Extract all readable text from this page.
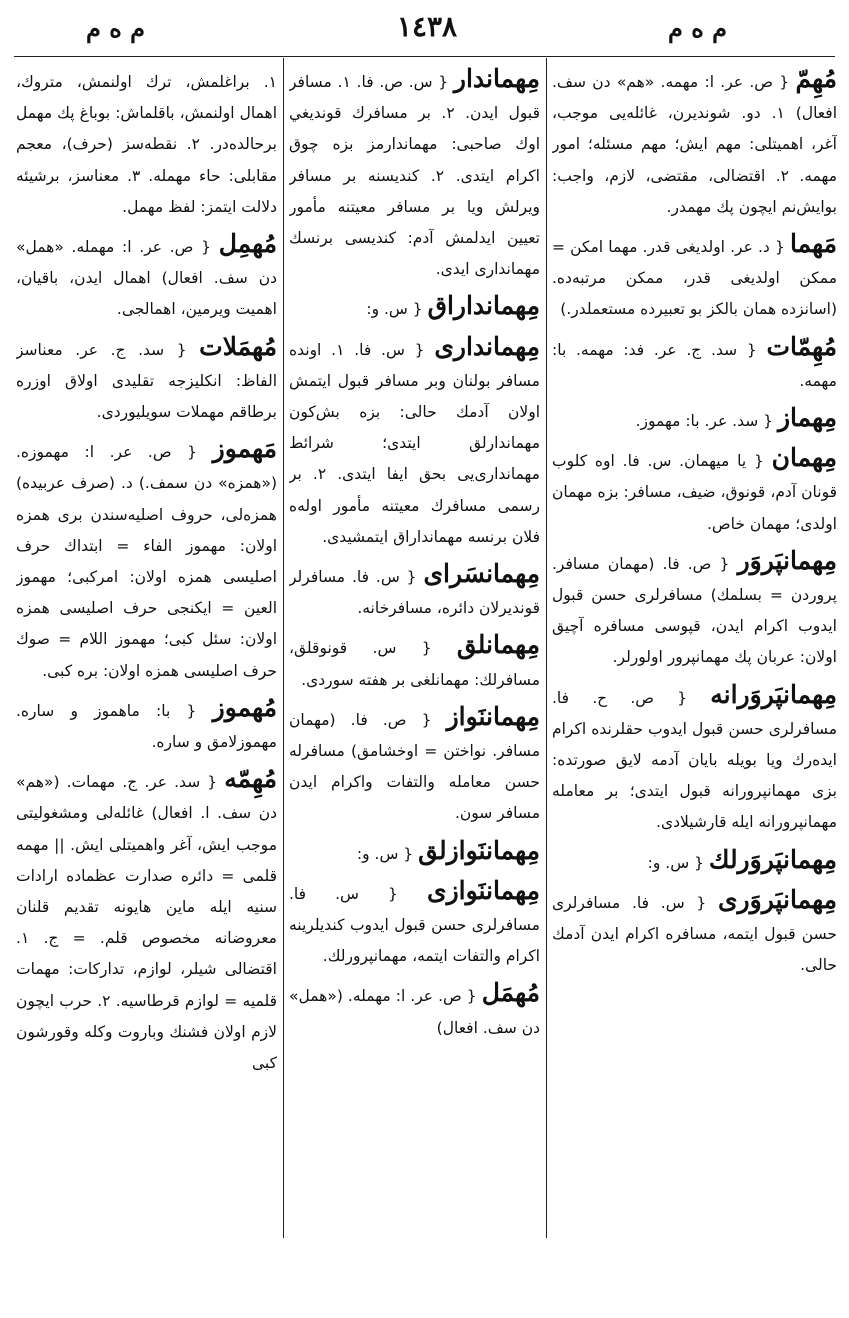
م ه م	١٤٣٨	م ه م
مُهِمّ { ص. عر. ا: مهمه. «هم» دن سف. افعال) ١. دو. شوندیرن، غائله‌یی موجب، آغر، اهمیتلی: مهم ایش؛ مهم مسئله؛ امور مهمه. ٢. اقتضالی، مقتضی، لازم، واجب: بوایش‌نم ایچون پك مهمدر.
مَهما { د. عر. اولدیغی قدر. مهما امکن = ممکن اولدیغی قدر، ممکن مرتبه‌ده. (اسانزده همان بالکز بو تعبیرده مستعملدر.)
مُهِمّات { سد. ج. عر. فد: مهمه. با: مهمه.
مِهماز { سد. عر. با: مهموز.
مِهمان { یا میهمان. س. فا. اوه کلوب قونان آدم، قونوق، ضیف، مسافر: بزه مهمان اولدی؛ مهمان خاص.
مِهمانپَروَر { ص. فا. (مهمان مسافر. پروردن = بسلمك) مسافرلری حسن قبول ایدوب اکرام ایدن، قپوسی مسافره آچیق اولان: عربان پك مهمانپرور اولورلر.
مِهمانپَروَرانه { ص. ح. فا. مسافرلری حسن قبول ایدوب حقلرنده اکرام ایده‌رك ویا بویله بایان آدمه لایق صورتده: بزی مهمانپرورانه قبول ایتدی؛ بر معامله مهمانپرورانه ایله قارشیلادی.
مِهمانپَروَرلك { س. و:
مِهمانپَروَری { س. فا. مسافرلری حسن قبول ایتمه، مسافره اکرام ایدن آدمك حالی.
مِهماندار { س. ص. فا. ١. مسافر قبول ایدن. ٢. بر مسافرك قونديغي اوك صاحبی: مهماندارمز بزه چوق اکرام ایتدی. ٢. کندیسنه بر مسافر ویرلش ویا بر مسافر معیتنه مأمور تعیین ایدلمش آدم: کندیسی برنسك مهمانداری ایدی.
مِهمانداراق { س. و:
مِهمانداری { س. فا. ١. اونده مسافر بولنان وبر مسافر قبول ایتمش اولان آدمك حالی: بزه بش‌کون مهماندارلق ایتدی؛ شرائط مهمانداری‌یی بحق ایفا ایتدی. ٢. بر رسمی مسافرك معیتنه مأمور اوله‌ه فلان برنسه مهمانداراق ایتمشیدی.
مِهمانسَرای { س. فا. مسافرلر قونديرلان دائره، مسافرخانه.
مِهمانلق { س. قونوقلق، مسافرلك: مهمانلغی بر هفته سوردی.
مِهماننَواز { ص. فا. (مهمان مسافر. نواختن = اوخشامق) مسافرله حسن معامله والتفات واکرام ایدن مسافر سون.
مِهماننَوازلق { س. و:
مِهماننَوازی { س. فا. مسافرلری حسن قبول ایدوب کندیلرینه اکرام والتفات ایتمه، مهمانپرورلك.
مُهمَل { ص. عر. ا: مهمله. («همل» دن سف. افعال)
١. براغلمش، ترك اولنمش، متروك، اهمال اولنمش، باقلماش: بوباغ پك مهمل برحالده‌در. ٢. نقطه‌سز (حرف)، معجم مقابلی: حاء مهمله. ٣. معناسز، برشیئه دلالت ایتمز: لفظ مهمل.
مُهمِل { ص. عر. ا: مهمله. «همل» دن سف. افعال) اهمال ایدن، باقیان، اهمیت ویرمین، اهمالجی.
مُهمَلات { سد. ج. عر. معناسز الفاظ: انکلیزجه تقلیدی اولاق اوزره برطاقم مهملات سویلیوردی.
مَهموز { ص. عر. ا: مهموزه. («همزه» دن سمف.) د. (صرف عربیده) همزه‌لی، حروف اصلیه‌سندن بری همزه اولان: مهموز الفاء = ابتداك حرف اصلیسی همزه اولان: امرکبی؛ مهموز العین = ایکنجی حرف اصلیسی همزه اولان: سئل کبی؛ مهموز اللام = صوك حرف اصلیسی همزه اولان: بره کبی.
مُهموز { با: ماهموز و ساره. مهموزلامق و ساره.
مُهِمّه { سد. عر. ج. مهمات. («هم» دن سف. ا. افعال) غائله‌لی ومشغولیتی موجب ایش، آغر واهمیتلی ایش. || مهمه قلمی = دائره صدارت عظماده ارادات سنیه ایله ماین هایونه تقدیم قلنان معروضانه مخصوص قلم. = ج. ١. اقتضالی شیلر، لوازم، تدارکات: مهمات قلمیه = لوازم قرطاسیه. ٢. حرب ایچون لازم اولان فشنك وباروت وکله وقورشون کبی
